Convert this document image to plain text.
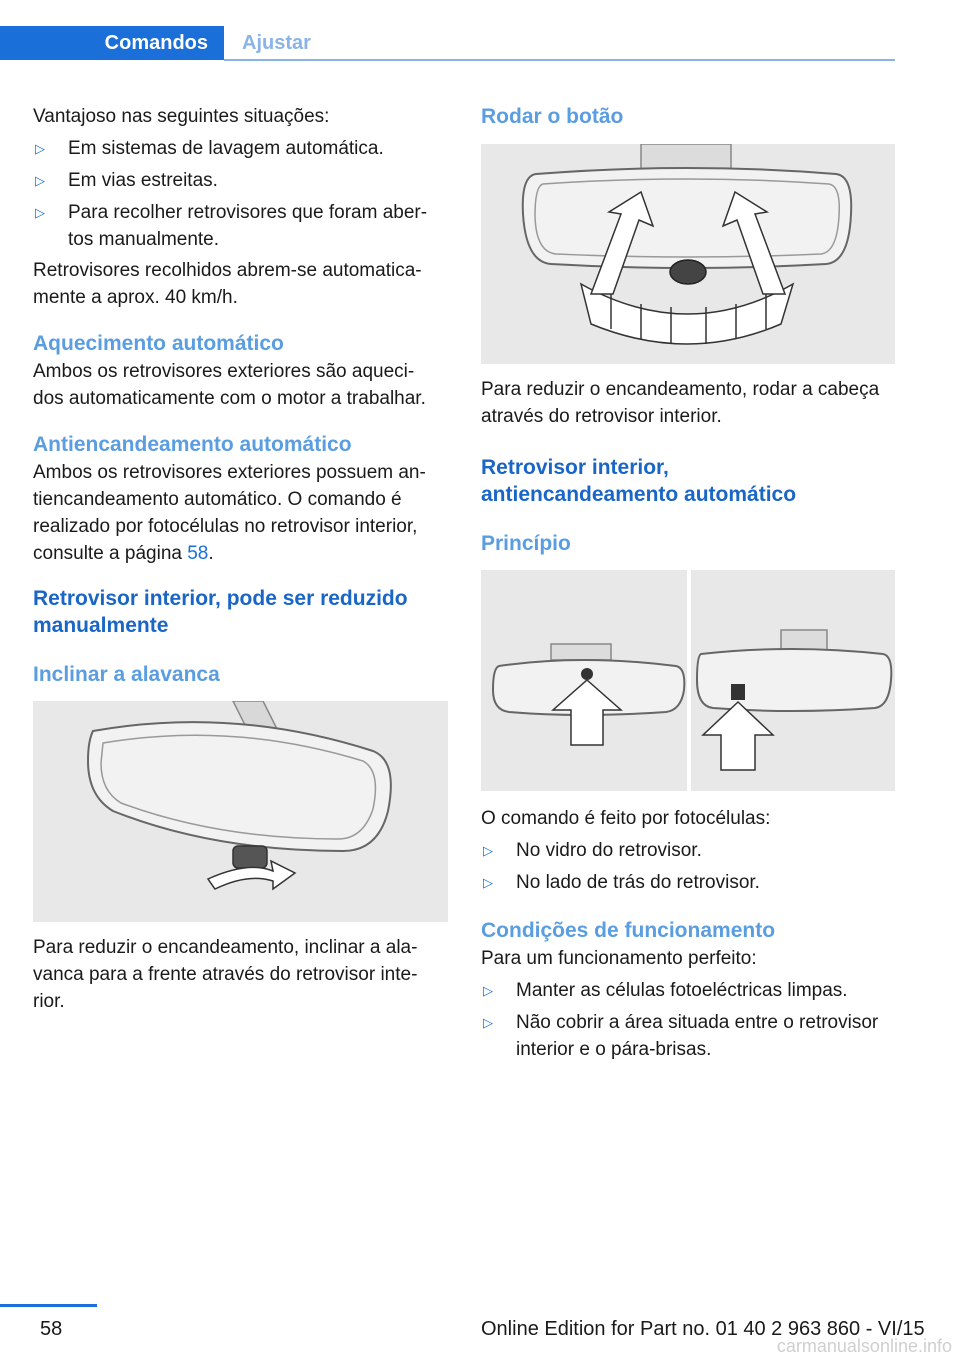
Comandos	Ajustar

Vantajoso nas seguintes situações:

▷	Em sistemas de lavagem automática.
▷	Em vias estreitas.
▷	Para recolher retrovisores que foram aber‐
tos manualmente.

Retrovisores recolhidos abrem-se automatica‐
mente a aprox. 40 km/h.

Aquecimento automático

Ambos os retrovisores exteriores são aqueci‐
dos automaticamente com o motor a trabalhar.

Antiencandeamento automático

Ambos os retrovisores exteriores possuem an‐
tiencandeamento automático. O comando é
realizado por fotocélulas no retrovisor interior,
consulte a página 58.

Retrovisor interior, pode ser reduzido
manualmente
Inclinar a alavanca

Para reduzir o encandeamento, inclinar a ala‐
vanca para a frente através do retrovisor inte‐
rior.

Rodar o botão

Para reduzir o encandeamento, rodar a cabeça
através do retrovisor interior.

Retrovisor interior,
antiencandeamento automático
Princípio

O comando é feito por fotocélulas:

▷	No vidro do retrovisor.
▷	No lado de trás do retrovisor.
Condições de funcionamento

Para um funcionamento perfeito:

▷	Manter as células fotoeléctricas limpas.
▷	Não cobrir a área situada entre o retrovisor
interior e o pára-brisas.
58	Online Edition for Part no. 01 40 2 963 860 - VI/15
carmanualsonline.info
